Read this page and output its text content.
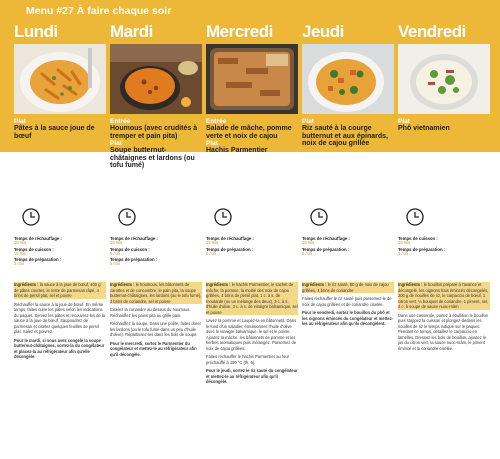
Menu #27 À faire chaque soir
Lundi
Plat
Pâtes à la sauce joue de bœuf
Mardi
Entrée
Houmous (avec crudités à tremper et pain pita)
Plat
Soupe butternut-châtaignes et lardons (ou tofu fumé)
Mercredi
Entrée
Salade de mâche, pomme verte et noix de cajou
Plat
Hachis Parmentier
Jeudi
Plat
Riz sauté à la courge butternut et aux épinards, noix de cajou grillée
Vendredi
Plat
Phô vietnamien
Temps de réchauffage :
10 min
Temps de cuisson :
15 min
Temps de préparation :
2 min
Temps de réchauffage :
10 min
Temps de cuisson :
5 min
Temps de préparation :
5 min
Temps de réchauffage :
15 min
Temps de préparation :
4 min
Temps de réchauffage :
10 min
Temps de préparation :
2 min
Temps de cuisson :
10 min
Temps de préparation :
3 min

Ingrédients : la sauce à la joue de bœuf, 400 g de pâtes courtes, le reste de parmesan râpé, 4 brins de persil plat, sel et poivre

Réchauffer la sauce à la joue de bœuf. En même temps, faites cuire les pâtes selon les indications du paquet. Servez les pâtes et recouvrez-les de la sauce à la joue de bœuf. Saupoudrez de parmesan et ciselez quelques feuilles de persil plat. Salez et poivrez.

Pour le mardi, si vous avez congelé la soupe butternut-châtaignes, sortez-la du congélateur et placez-la au réfrigérateur afin qu'elle décongèle.

Ingrédients : le houmous, les bâtonnets de carottes et de concombre, le pain pita, la soupe butternut-châtaignes, les lardons (ou le tofu fumé), 2 brins de coriandre, sel et poivre

Ciselez la coriandre au dessus du houmous. Réchauffez les pains pita au grille-pain.

Réchauffez la soupe. Dans une poêle, faites dorer les lardons (ou le tofu fumé dans un peu d'huile d'olive). Répartissez-les dans les bols de soupe.

Pour le mercredi, sortez le Parmentier du congélateur et mettez-le au réfrigérateur afin qu'il décongèle.

Ingrédients : le hachis Parmentier, le sachet de mâche, la pomme, la moitié des noix de cajou grillées, 4 brins de persil plat, 1 c. à s. de moutarde (ou un mélange des deux), 3 c. à s. d'huile d'olive, 3 c. à s. de vinaigre balsamique, sel et poivre

Lavez la pomme et coupez-la en bâtonnets. Dans le fond d'un saladier, émulsionnez l'huile d'olive avec le vinaigre balsamique, le sel et le poivre. Ajoutez la mâche, les bâtonnets de pomme et les herbes aromatiques puis mélangez. Parsemez de noix de cajou grillées.

Faites réchauffer le hachis Parmentier au four préchauffé à 180 °C (th. 6).

Pour le jeudi, sortez le riz sauté du congélateur et mettez-le au réfrigérateur afin qu'il décongèle.

Ingrédients : le riz sauté, 80 g de noix de cajou grillées, 4 brins de coriandre

Faites réchauffer le riz sauté puis parsemez-le de noix de cajou grillées et de coriandre ciselée.

Pour le vendredi, sortez le bouillon du phô et les oignons émincés du congélateur et mettez-les au réfrigérateur afin qu'ils décongèlent.

Ingrédients : le bouillon préparé à l'avance et décongelé, les oignons frais émincés décongelés, 200 g de nouilles de riz, le carpaccio de bœuf, 1 citron vert, ¼ bouquet de coriandre, 1 piment, sel, 4 c. à soupe de sauce nuoc-mâm

Dans une casserole, portez à ébullition le bouillon puis stoppez la cuisson et plongez-dedans les nouilles de riz le temps indiqué sur le paquet. Pendant ce temps, détaillez le carpaccio en lamelles. Dressez les bols de bouillon, ajoutez le jus du citron vert, la sauce nuoc-mâm, le piment émincé et la coriandre ciselée.
